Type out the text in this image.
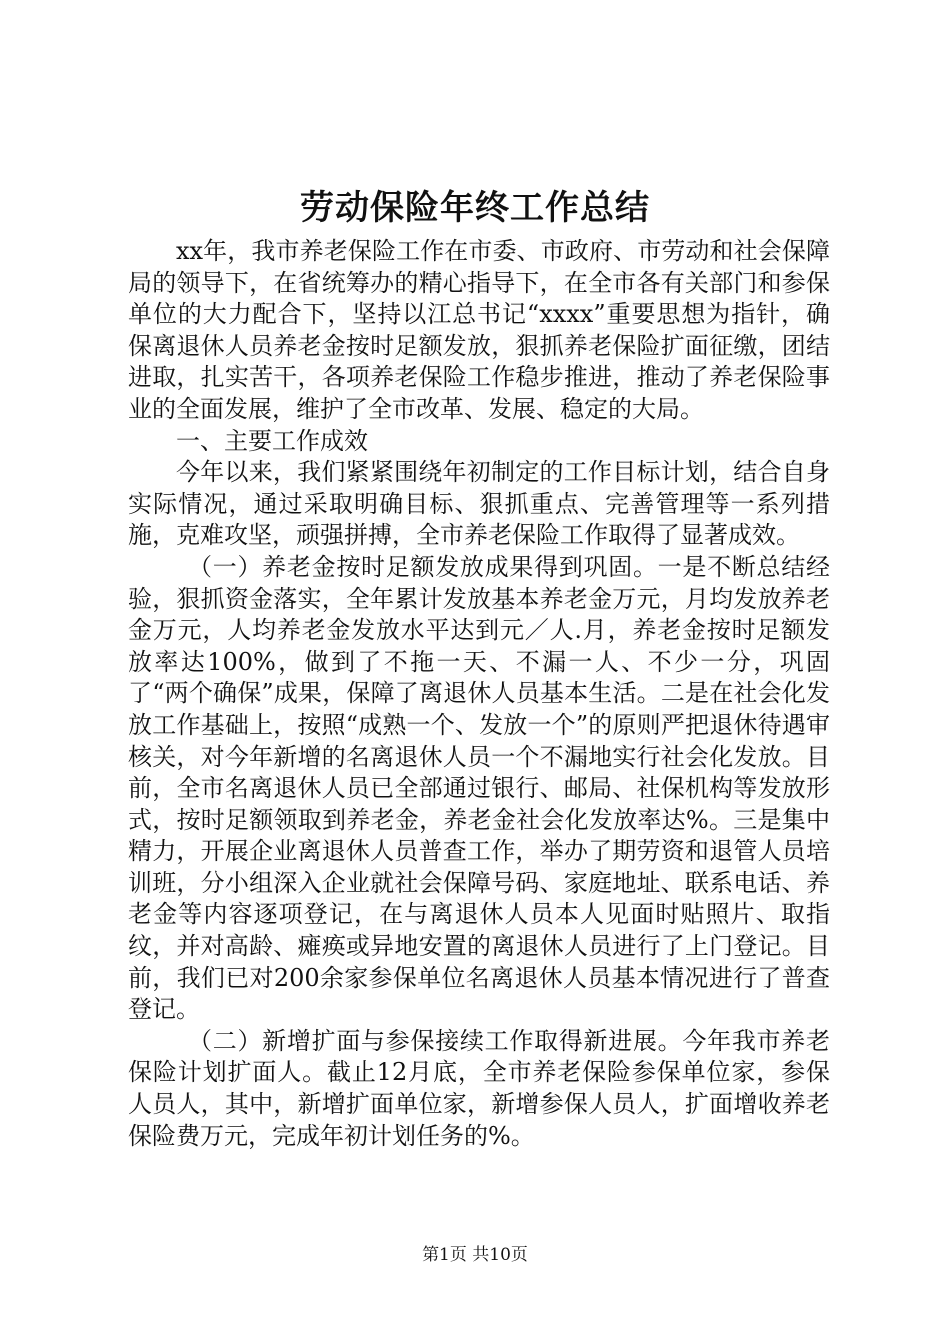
劳动保险年终工作总结

xx年，我市养老保险工作在市委、市政府、市劳动和社会保障局的领导下，在省统筹办的精心指导下，在全市各有关部门和参保单位的大力配合下，坚持以江总书记“xxxx”重要思想为指针，确保离退休人员养老金按时足额发放，狠抓养老保险扩面征缴，团结进取，扎实苦干，各项养老保险工作稳步推进，推动了养老保险事业的全面发展，维护了全市改革、发展、稳定的大局。

一、主要工作成效

今年以来，我们紧紧围绕年初制定的工作目标计划，结合自身实际情况，通过采取明确目标、狠抓重点、完善管理等一系列措施，克难攻坚，顽强拼搏，全市养老保险工作取得了显著成效。

（一）养老金按时足额发放成果得到巩固。一是不断总结经验，狠抓资金落实，全年累计发放基本养老金万元，月均发放养老金万元，人均养老金发放水平达到元／人.月，养老金按时足额发放率达100%，做到了不拖一天、不漏一人、不少一分，巩固了“两个确保”成果，保障了离退休人员基本生活。二是在社会化发放工作基础上，按照“成熟一个、发放一个”的原则严把退休待遇审核关，对今年新增的名离退休人员一个不漏地实行社会化发放。目前，全市名离退休人员已全部通过银行、邮局、社保机构等发放形式，按时足额领取到养老金，养老金社会化发放率达%。三是集中精力，开展企业离退休人员普查工作，举办了期劳资和退管人员培训班，分小组深入企业就社会保障号码、家庭地址、联系电话、养老金等内容逐项登记，在与离退休人员本人见面时贴照片、取指纹，并对高龄、瘫痪或异地安置的离退休人员进行了上门登记。目前，我们已对200余家参保单位名离退休人员基本情况进行了普查登记。

（二）新增扩面与参保接续工作取得新进展。今年我市养老保险计划扩面人。截止12月底，全市养老保险参保单位家，参保人员人，其中，新增扩面单位家，新增参保人员人，扩面增收养老保险费万元，完成年初计划任务的%。

第1页 共10页
